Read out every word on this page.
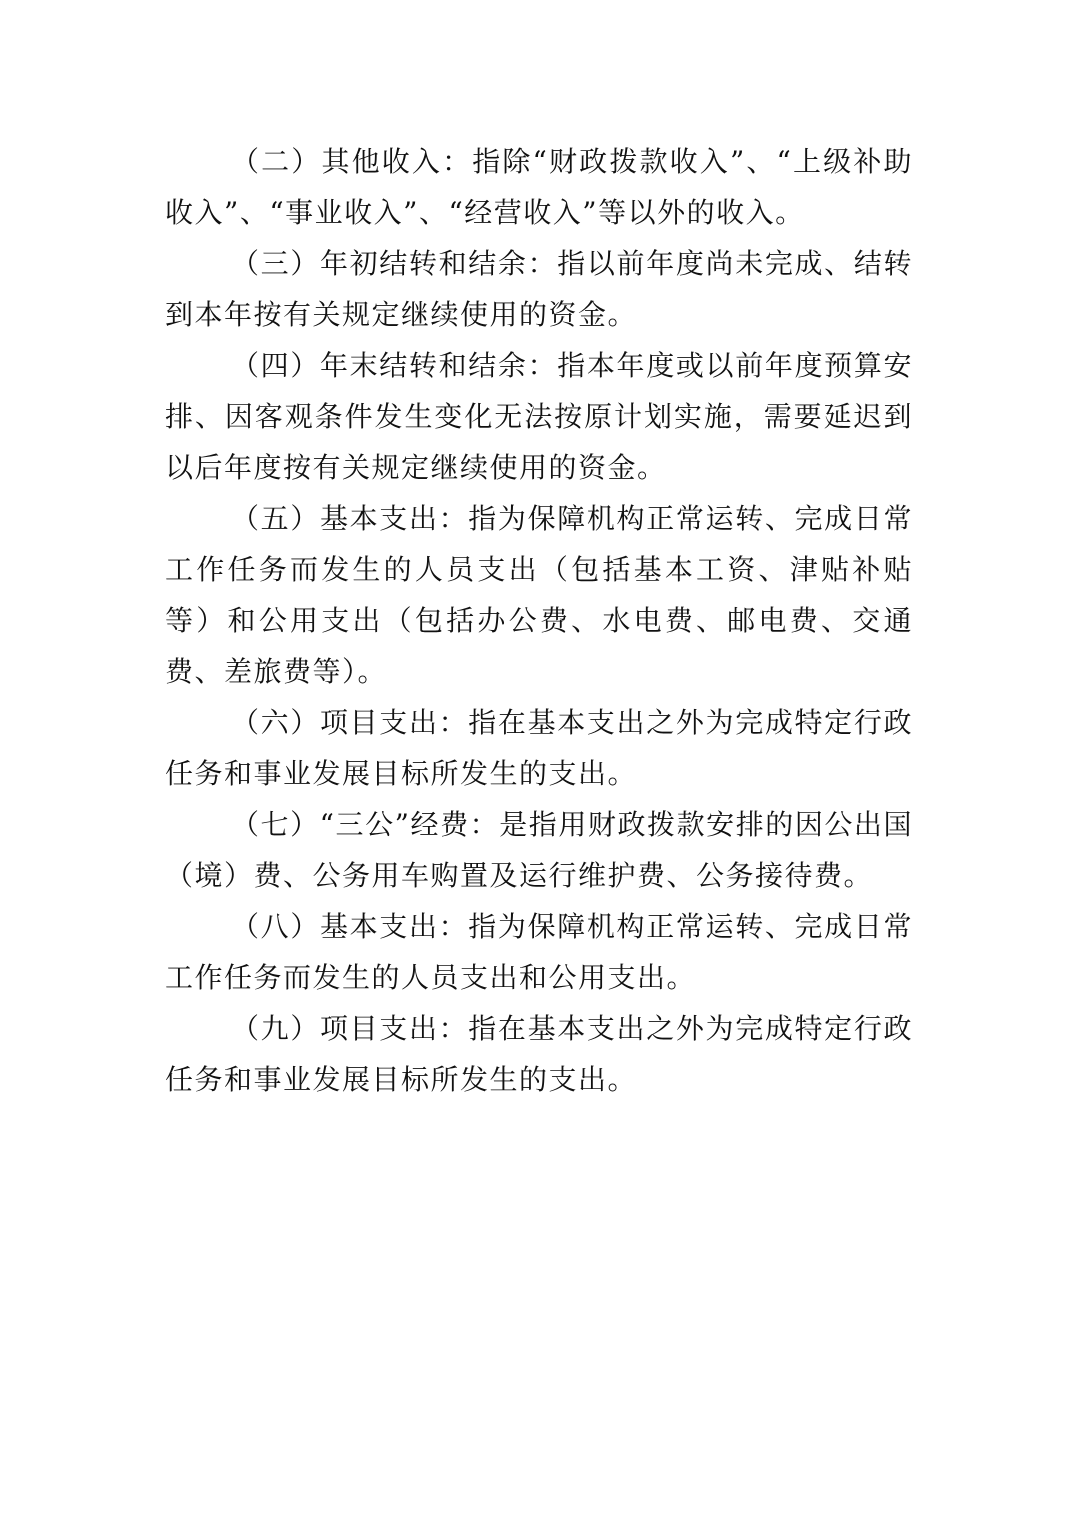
（二）其他收入：指除“财政拨款收入”、“上级补助收入”、“事业收入”、“经营收入”等以外的收入。

（三）年初结转和结余：指以前年度尚未完成、结转到本年按有关规定继续使用的资金。

（四）年末结转和结余：指本年度或以前年度预算安排、因客观条件发生变化无法按原计划实施，需要延迟到以后年度按有关规定继续使用的资金。

（五）基本支出：指为保障机构正常运转、完成日常工作任务而发生的人员支出（包括基本工资、津贴补贴等）和公用支出（包括办公费、水电费、邮电费、交通费、差旅费等）。

（六）项目支出：指在基本支出之外为完成特定行政任务和事业发展目标所发生的支出。

（七）“三公”经费：是指用财政拨款安排的因公出国（境）费、公务用车购置及运行维护费、公务接待费。

（八）基本支出：指为保障机构正常运转、完成日常工作任务而发生的人员支出和公用支出。

（九）项目支出：指在基本支出之外为完成特定行政任务和事业发展目标所发生的支出。
